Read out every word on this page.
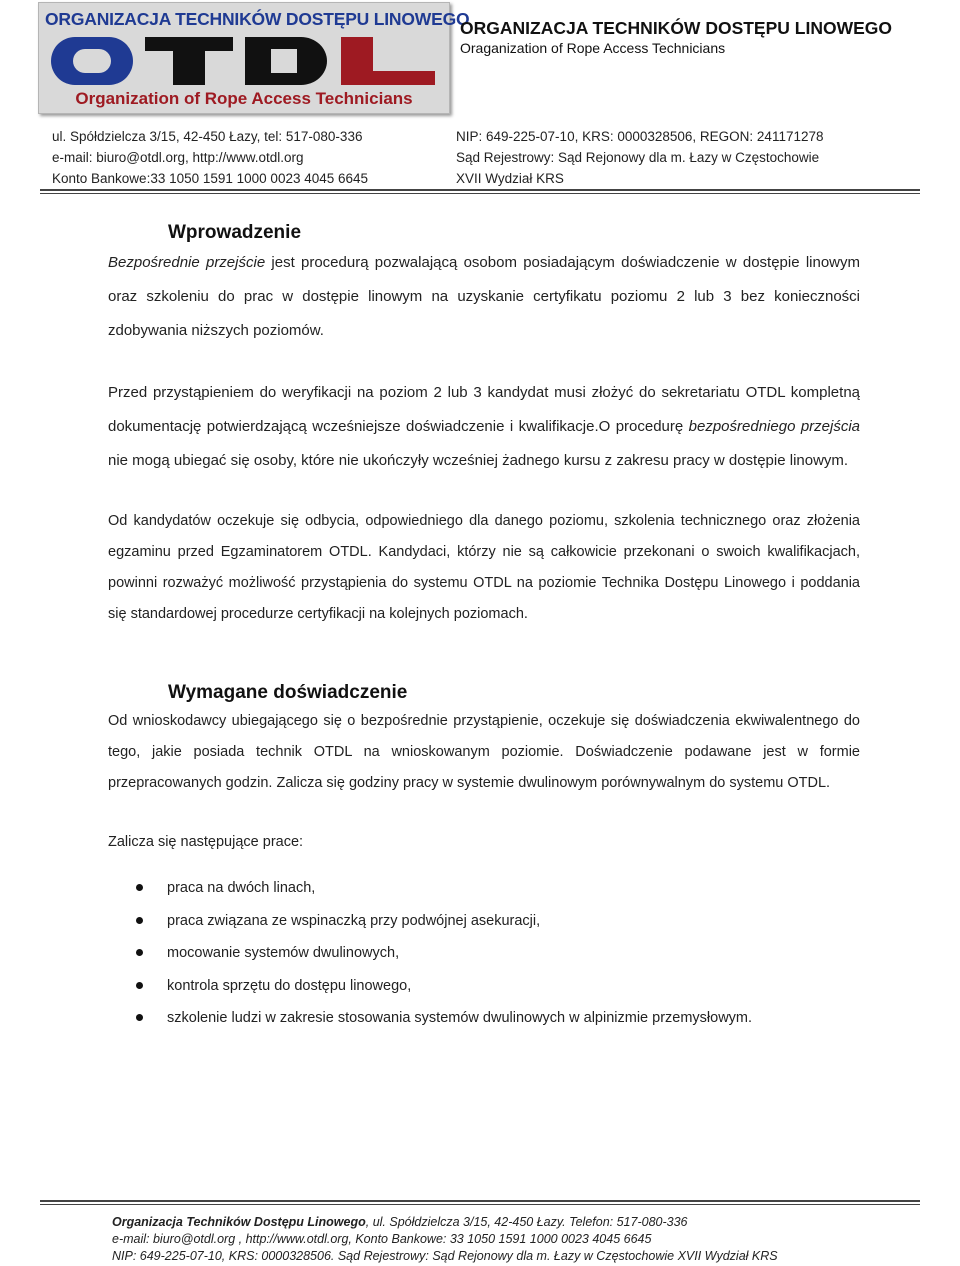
ORGANIZACJA TECHNIKÓW DOSTĘPU LINOWEGO
Organization of Rope Access Technicians
ORGANIZACJA TECHNIKÓW DOSTĘPU LINOWEGO
Oraganization of Rope Access Technicians
ul. Spółdzielcza 3/15, 42-450 Łazy, tel: 517-080-336
e-mail: biuro@otdl.org, http://www.otdl.org
Konto Bankowe:33 1050 1591 1000 0023 4045 6645
NIP: 649-225-07-10, KRS: 0000328506, REGON: 241171278
Sąd Rejestrowy: Sąd Rejonowy dla m. Łazy w Częstochowie
XVII Wydział KRS
Wprowadzenie

Bezpośrednie przejście jest procedurą pozwalającą osobom posiadającym doświadczenie w dostępie linowym oraz szkoleniu do prac w dostępie linowym na uzyskanie certyfikatu poziomu 2 lub 3 bez konieczności zdobywania niższych poziomów.

Przed przystąpieniem do weryfikacji na poziom 2 lub 3 kandydat musi złożyć do sekretariatu OTDL kompletną dokumentację potwierdzającą wcześniejsze doświadczenie i kwalifikacje.O procedurę bezpośredniego przejścia nie mogą ubiegać się osoby, które nie ukończyły wcześniej żadnego kursu z zakresu pracy w dostępie linowym.

Od kandydatów oczekuje się odbycia, odpowiedniego dla danego poziomu, szkolenia technicznego oraz złożenia egzaminu przed Egzaminatorem OTDL. Kandydaci, którzy nie są całkowicie przekonani o swoich kwalifikacjach, powinni rozważyć możliwość przystąpienia do systemu OTDL na poziomie Technika Dostępu Linowego i poddania się standardowej procedurze certyfikacji na kolejnych poziomach.

Wymagane doświadczenie

Od wnioskodawcy ubiegającego się o bezpośrednie przystąpienie, oczekuje się doświadczenia ekwiwalentnego do tego, jakie posiada technik OTDL na wnioskowanym poziomie. Doświadczenie podawane jest w formie przepracowanych godzin. Zalicza się godziny pracy w systemie dwulinowym porównywalnym do systemu OTDL.

Zalicza się następujące prace:

praca na dwóch linach,
praca związana ze wspinaczką przy podwójnej asekuracji,
mocowanie systemów dwulinowych,
kontrola sprzętu do dostępu linowego,
szkolenie ludzi w zakresie stosowania systemów dwulinowych w alpinizmie przemysłowym.
Organizacja Techników Dostępu Linowego, ul. Spółdzielcza 3/15, 42-450 Łazy. Telefon: 517-080-336
e-mail: biuro@otdl.org , http://www.otdl.org, Konto Bankowe: 33 1050 1591 1000 0023 4045 6645
NIP: 649-225-07-10, KRS: 0000328506. Sąd Rejestrowy: Sąd Rejonowy dla m. Łazy w Częstochowie XVII Wydział KRS
